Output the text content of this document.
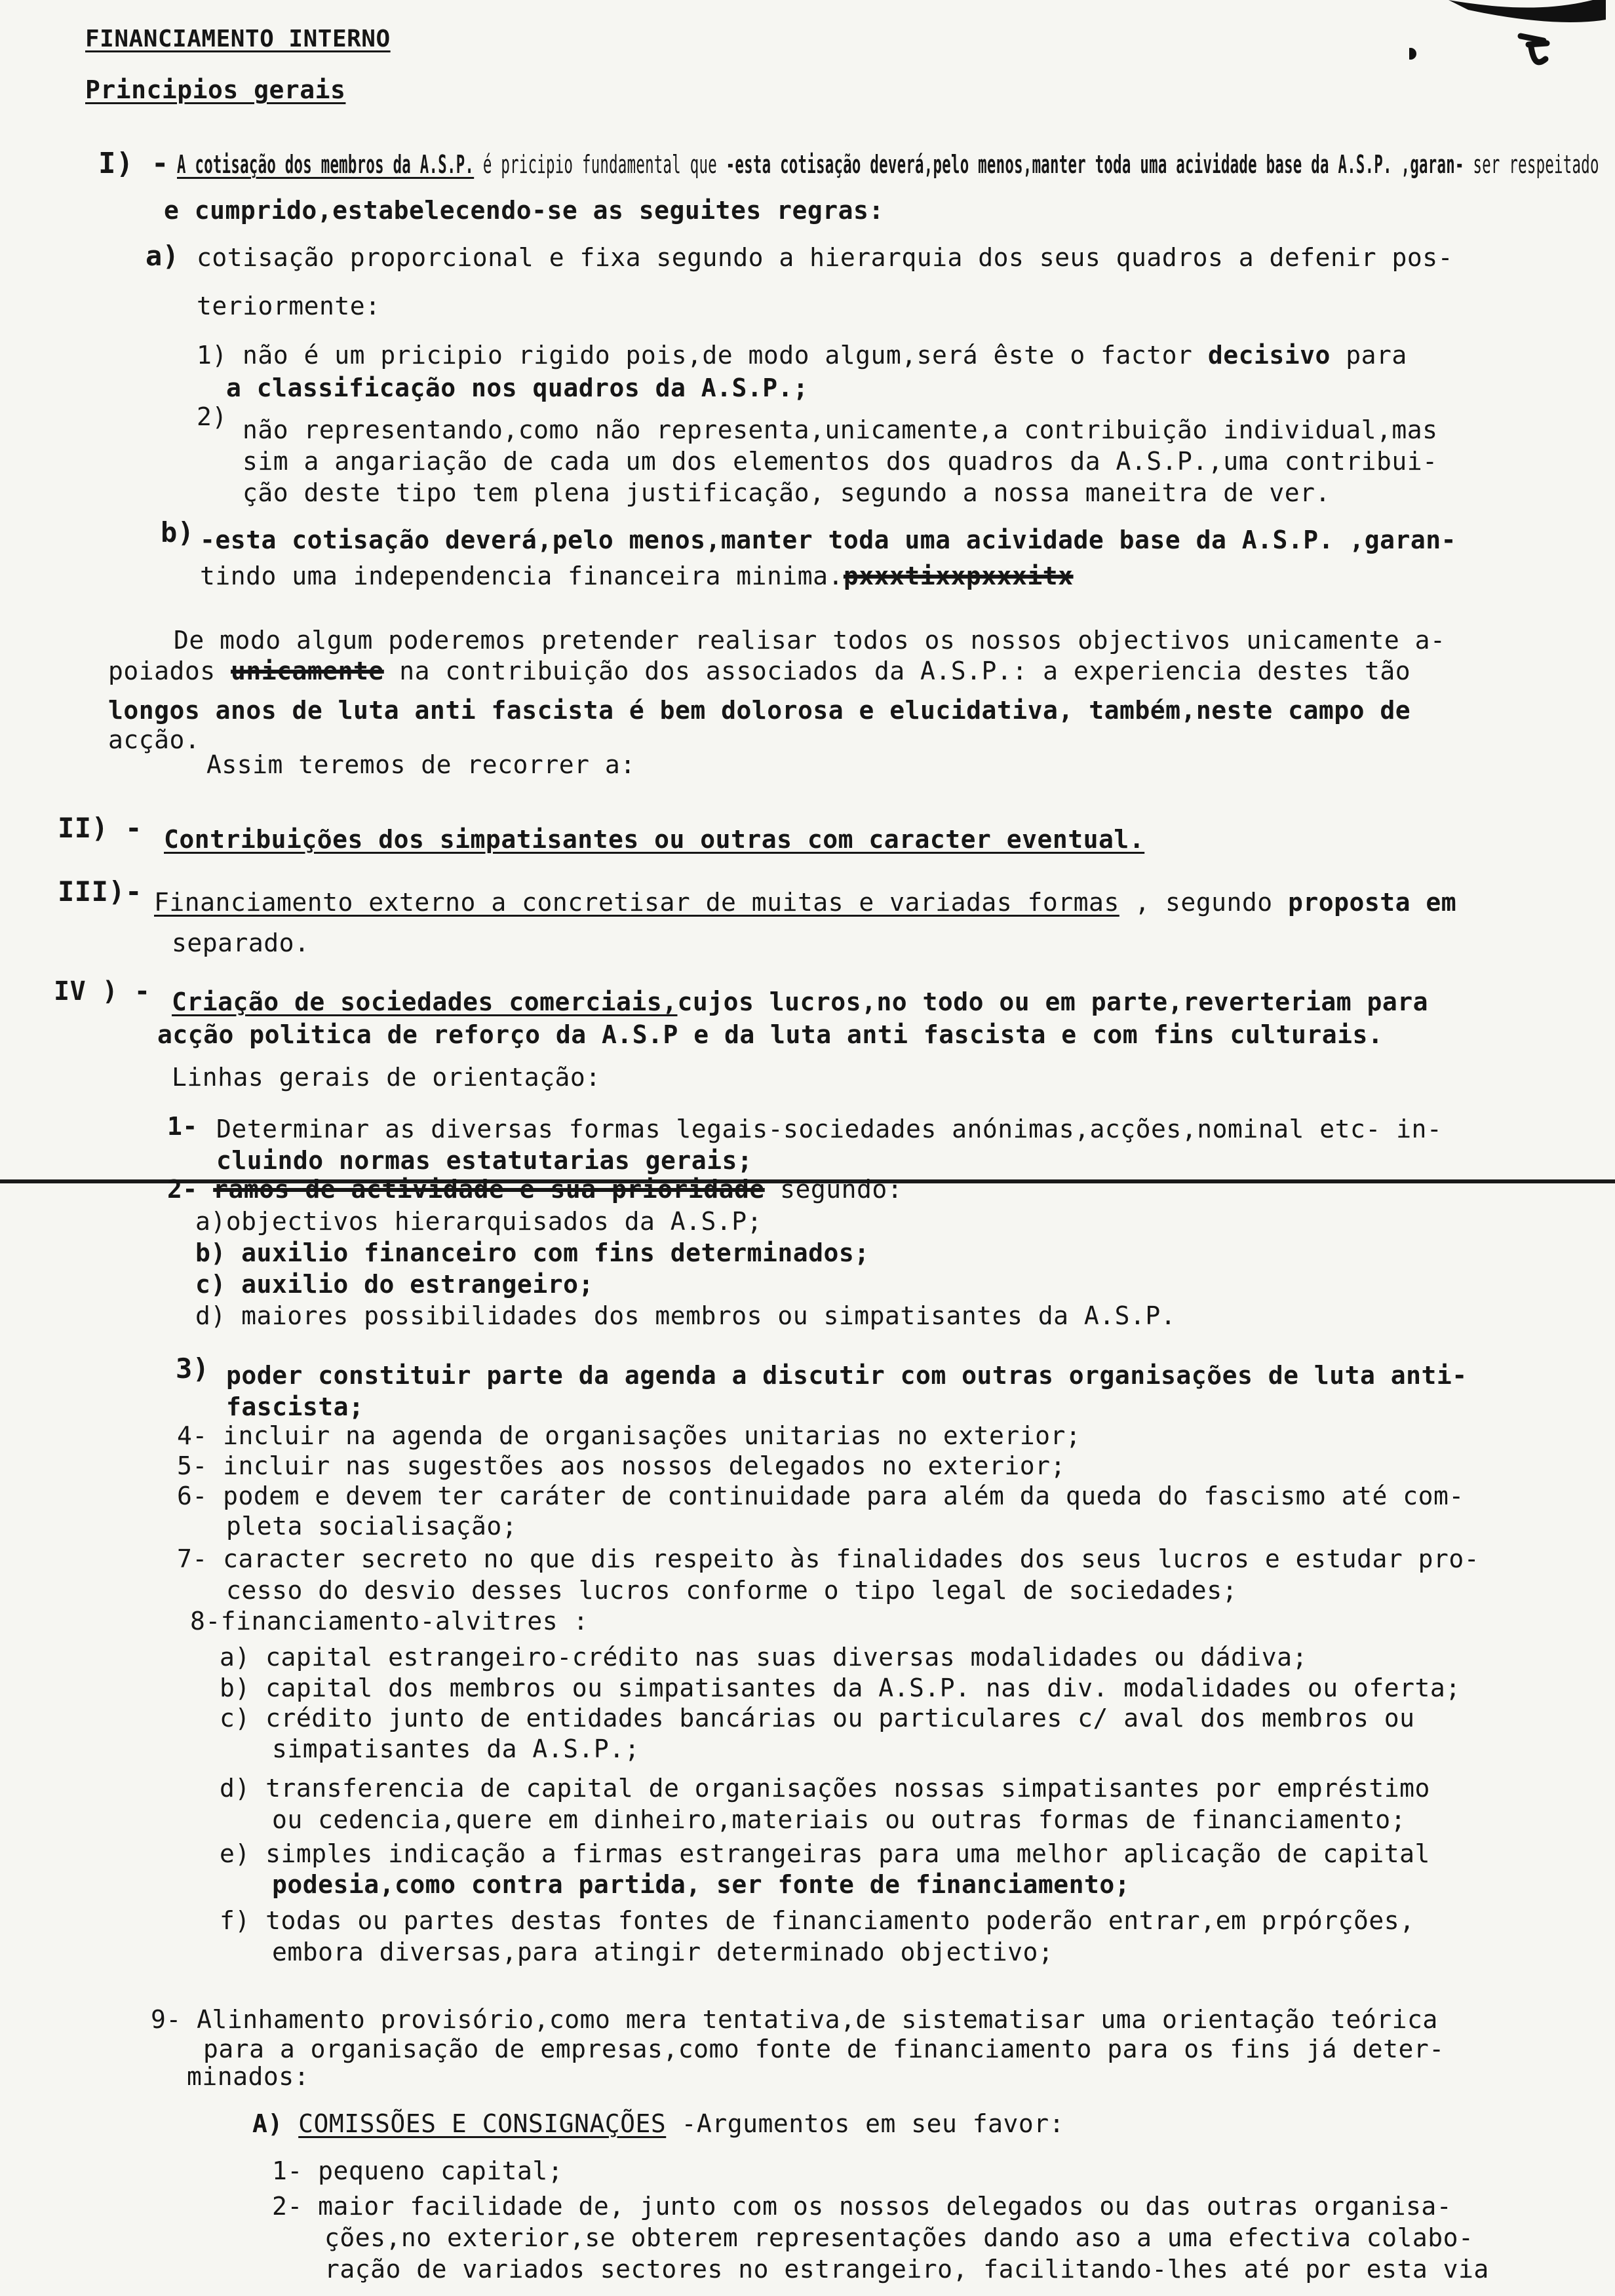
FINANCIAMENTO INTERNO
Principios gerais
I) - A cotisação dos membros da A.S.P. é pricipio fundamental que -esta cotisação deverá,pelo menos,manter toda uma acividade base da A.S.P. ,garan- ser respeitado
e cumprido,estabelecendo-se as seguites regras:
a) cotisação proporcional e fixa segundo a hierarquia dos seus quadros a defenir pos-
teriormente:
1) não é um pricipio rigido pois,de modo algum,será êste o factor decisivo para
a classificação nos quadros da A.S.P.;
2) não representando,como não representa,unicamente,a contribuição individual,mas
sim a angariação de cada um dos elementos dos quadros da A.S.P.,uma contribui-
ção deste tipo tem plena justificação, segundo a nossa maneitra de ver.
b) -esta cotisação deverá,pelo menos,manter toda uma acividade base da A.S.P. ,garan-
tindo uma independencia financeira minima.pxxxtixxpxxxitx
De modo algum poderemos pretender realisar todos os nossos objectivos unicamente a-
poiados unicamente na contribuição dos associados da A.S.P.: a experiencia destes tão
longos anos de luta anti fascista é bem dolorosa e elucidativa, também,neste campo de
acção.
Assim teremos de recorrer a:
II) - Contribuições dos simpatisantes ou outras com caracter eventual.
III)- Financiamento externo a concretisar de muitas e variadas formas , segundo proposta em
separado.
IV ) - Criação de sociedades comerciais,cujos lucros,no todo ou em parte,reverteriam para
acção politica de reforço da A.S.P e da luta anti fascista e com fins culturais.
Linhas gerais de orientação:
1- Determinar as diversas formas legais-sociedades anónimas,acções,nominal etc- in-
cluindo normas estatutarias gerais;
2- ramos de actividade e sua prioridade segundo:
a)objectivos hierarquisados da A.S.P;
b) auxilio financeiro com fins determinados;
c) auxilio do estrangeiro;
d) maiores possibilidades dos membros ou simpatisantes da A.S.P.
3) poder constituir parte da agenda a discutir com outras organisações de luta anti-
fascista;
4- incluir na agenda de organisações unitarias no exterior;
5- incluir nas sugestões aos nossos delegados no exterior;
6- podem e devem ter caráter de continuidade para além da queda do fascismo até com-
pleta socialisação;
7- caracter secreto no que dis respeito às finalidades dos seus lucros e estudar pro-
cesso do desvio desses lucros conforme o tipo legal de sociedades;
8-financiamento-alvitres :
a) capital estrangeiro-crédito nas suas diversas modalidades ou dádiva;
b) capital dos membros ou simpatisantes da A.S.P. nas div. modalidades ou oferta;
c) crédito junto de entidades bancárias ou particulares c/ aval dos membros ou
simpatisantes da A.S.P.;
d) transferencia de capital de organisações nossas simpatisantes por empréstimo
ou cedencia,quere em dinheiro,materiais ou outras formas de financiamento;
e) simples indicação a firmas estrangeiras para uma melhor aplicação de capital
podesia,como contra partida, ser fonte de financiamento;
f) todas ou partes destas fontes de financiamento poderão entrar,em prpórções,
embora diversas,para atingir determinado objectivo;
9- Alinhamento provisório,como mera tentativa,de sistematisar uma orientação teórica
para a organisação de empresas,como fonte de financiamento para os fins já deter-
minados:
A) COMISSÕES E CONSIGNAÇÕES -Argumentos em seu favor:
1- pequeno capital;
2- maior facilidade de, junto com os nossos delegados ou das outras organisa-
ções,no exterior,se obterem representações dando aso a uma efectiva colabo-
ração de variados sectores no estrangeiro, facilitando-lhes até por esta via
